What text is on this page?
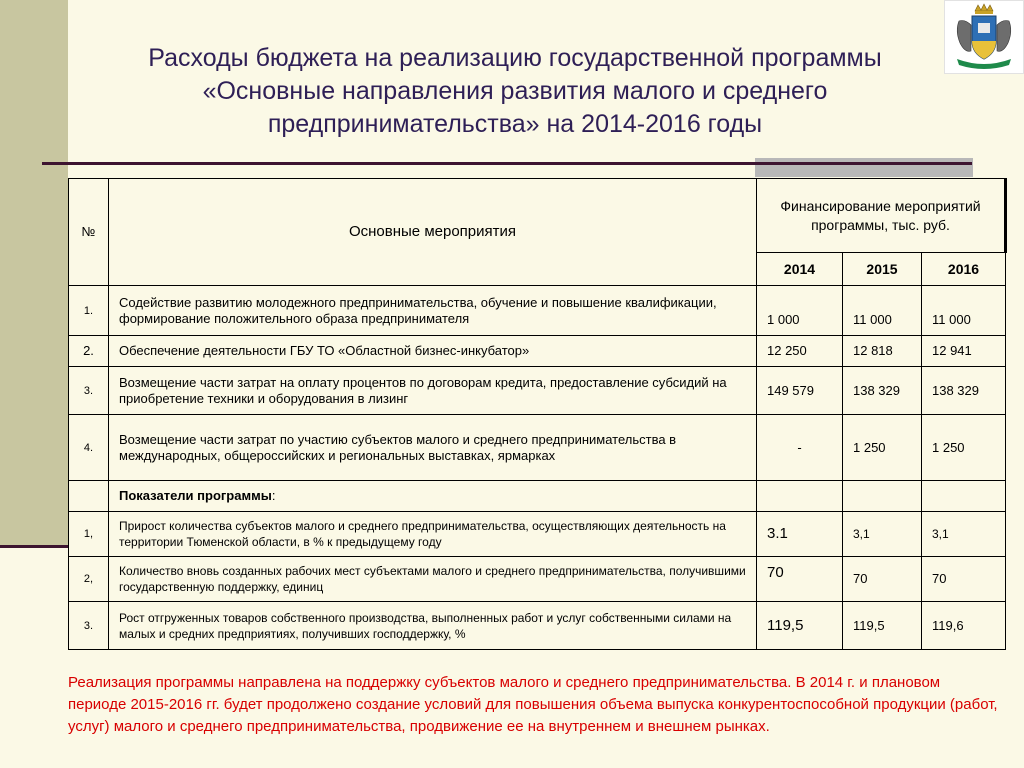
Расходы бюджета на реализацию государственной программы
«Основные направления развития малого и среднего
предпринимательства» на 2014-2016 годы
№	Основные мероприятия	Финансирование мероприятий программы, тыс. руб.		
		2014	2015	2016
1.	Содействие развитию молодежного предпринимательства, обучение и повышение квалификации, формирование положительного образа предпринимателя	1 000	11 000	11 000
2.	Обеспечение деятельности ГБУ ТО «Областной бизнес-инкубатор»	12 250	12 818	12 941
3.	Возмещение части затрат на оплату процентов по договорам кредита, предоставление субсидий на приобретение техники и оборудования в лизинг	149 579	138 329	138 329
4.	Возмещение части затрат по участию субъектов малого и среднего предпринимательства в международных, общероссийских и региональных выставках, ярмарках	-	1 250	1 250
	Показатели программы:			
1,	Прирост количества субъектов малого и среднего предпринимательства, осуществляющих деятельность на территории Тюменской области, в % к предыдущему году	3.1	3,1	3,1
2,	Количество вновь созданных рабочих мест субъектами малого и среднего предпринимательства, получившими государственную поддержку, единиц	70	70	70
3.	Рост отгруженных товаров собственного производства, выполненных работ и услуг собственными силами на малых и средних предприятиях, получивших господдержку, %	119,5	119,5	119,6
Реализация программы направлена на поддержку субъектов малого и среднего предпринимательства. В 2014 г. и плановом периоде 2015-2016 гг. будет продолжено создание условий для повышения объема выпуска конкурентоспособной продукции (работ, услуг) малого и среднего предпринимательства, продвижение ее на внутреннем и внешнем рынках.
